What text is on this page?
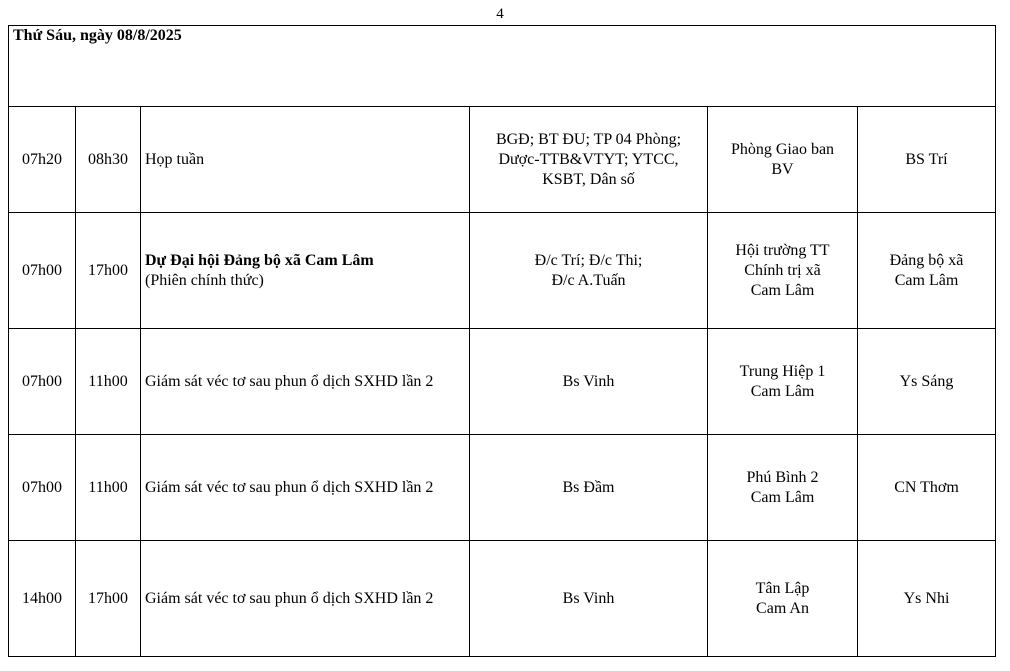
4
Thứ Sáu, ngày 08/8/2025					
07h20	08h30	Họp tuần	BGĐ; BT ĐU; TP 04 Phòng;
Dược-TTB&VTYT; YTCC,
KSBT, Dân số	Phòng Giao ban
BV	BS Trí

07h00	17h00	Dự Đại hội Đảng bộ xã Cam Lâm
(Phiên chính thức)	Đ/c Trí; Đ/c Thi;
Đ/c A.Tuấn	Hội trường TT
Chính trị xã
Cam Lâm	Đảng bộ xã
Cam Lâm

07h00	11h00	Giám sát véc tơ sau phun ổ dịch SXHD lần 2	Bs Vinh	Trung Hiệp 1
Cam Lâm	Ys Sáng

07h00	11h00	Giám sát véc tơ sau phun ổ dịch SXHD lần 2	Bs Đầm	Phú Bình 2
Cam Lâm	CN Thơm

14h00	17h00	Giám sát véc tơ sau phun ổ dịch SXHD lần 2	Bs Vinh	Tân Lập
Cam An	Ys Nhi
